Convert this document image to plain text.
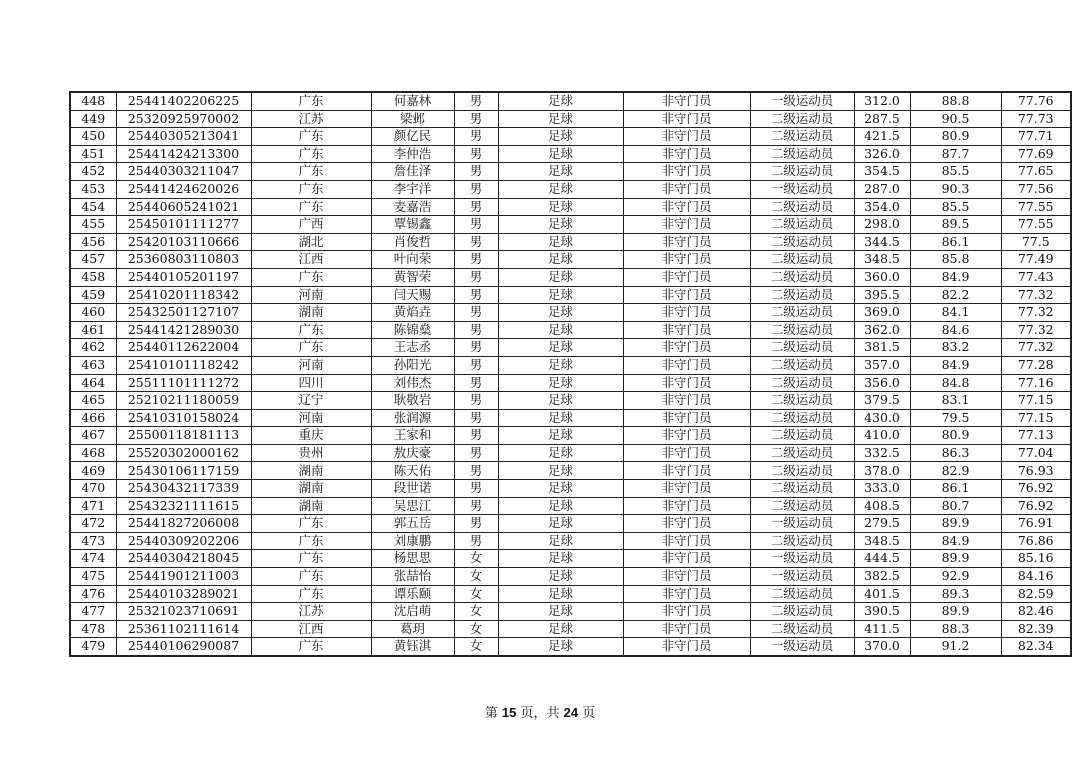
448	25441402206225	广东	何嘉林	男	足球	非守门员	一级运动员	312.0	88.8	77.76
449	25320925970002	江苏	梁邺	男	足球	非守门员	二级运动员	287.5	90.5	77.73
450	25440305213041	广东	颜亿民	男	足球	非守门员	二级运动员	421.5	80.9	77.71
451	25441424213300	广东	李仲浩	男	足球	非守门员	二级运动员	326.0	87.7	77.69
452	25440303211047	广东	詹佳泽	男	足球	非守门员	二级运动员	354.5	85.5	77.65
453	25441424620026	广东	李宇洋	男	足球	非守门员	一级运动员	287.0	90.3	77.56
454	25440605241021	广东	麦嘉浩	男	足球	非守门员	二级运动员	354.0	85.5	77.55
455	25450101111277	广西	覃锡鑫	男	足球	非守门员	二级运动员	298.0	89.5	77.55
456	25420103110666	湖北	肖俊哲	男	足球	非守门员	二级运动员	344.5	86.1	77.5
457	25360803110803	江西	叶向荣	男	足球	非守门员	二级运动员	348.5	85.8	77.49
458	25440105201197	广东	黄智荣	男	足球	非守门员	二级运动员	360.0	84.9	77.43
459	25410201118342	河南	闫天赐	男	足球	非守门员	二级运动员	395.5	82.2	77.32
460	25432501127107	湖南	黄焰垚	男	足球	非守门员	二级运动员	369.0	84.1	77.32
461	25441421289030	广东	陈锦燊	男	足球	非守门员	二级运动员	362.0	84.6	77.32
462	25440112622004	广东	王志丞	男	足球	非守门员	二级运动员	381.5	83.2	77.32
463	25410101118242	河南	孙阳光	男	足球	非守门员	二级运动员	357.0	84.9	77.28
464	25511101111272	四川	刘伟杰	男	足球	非守门员	二级运动员	356.0	84.8	77.16
465	25210211180059	辽宁	耿敬岩	男	足球	非守门员	二级运动员	379.5	83.1	77.15
466	25410310158024	河南	张润源	男	足球	非守门员	二级运动员	430.0	79.5	77.15
467	25500118181113	重庆	王家和	男	足球	非守门员	二级运动员	410.0	80.9	77.13
468	25520302000162	贵州	敖庆豪	男	足球	非守门员	二级运动员	332.5	86.3	77.04
469	25430106117159	湖南	陈天佑	男	足球	非守门员	二级运动员	378.0	82.9	76.93
470	25430432117339	湖南	段世诺	男	足球	非守门员	二级运动员	333.0	86.1	76.92
471	25432321111615	湖南	吴思江	男	足球	非守门员	二级运动员	408.5	80.7	76.92
472	25441827206008	广东	郭五岳	男	足球	非守门员	一级运动员	279.5	89.9	76.91
473	25440309202206	广东	刘康鹏	男	足球	非守门员	二级运动员	348.5	84.9	76.86
474	25440304218045	广东	杨思思	女	足球	非守门员	一级运动员	444.5	89.9	85.16
475	25441901211003	广东	张喆怡	女	足球	非守门员	一级运动员	382.5	92.9	84.16
476	25440103289021	广东	谭乐颐	女	足球	非守门员	二级运动员	401.5	89.3	82.59
477	25321023710691	江苏	沈启萌	女	足球	非守门员	二级运动员	390.5	89.9	82.46
478	25361102111614	江西	葛玥	女	足球	非守门员	二级运动员	411.5	88.3	82.39
479	25440106290087	广东	黄钰淇	女	足球	非守门员	一级运动员	370.0	91.2	82.34
第 15 页，共 24 页
